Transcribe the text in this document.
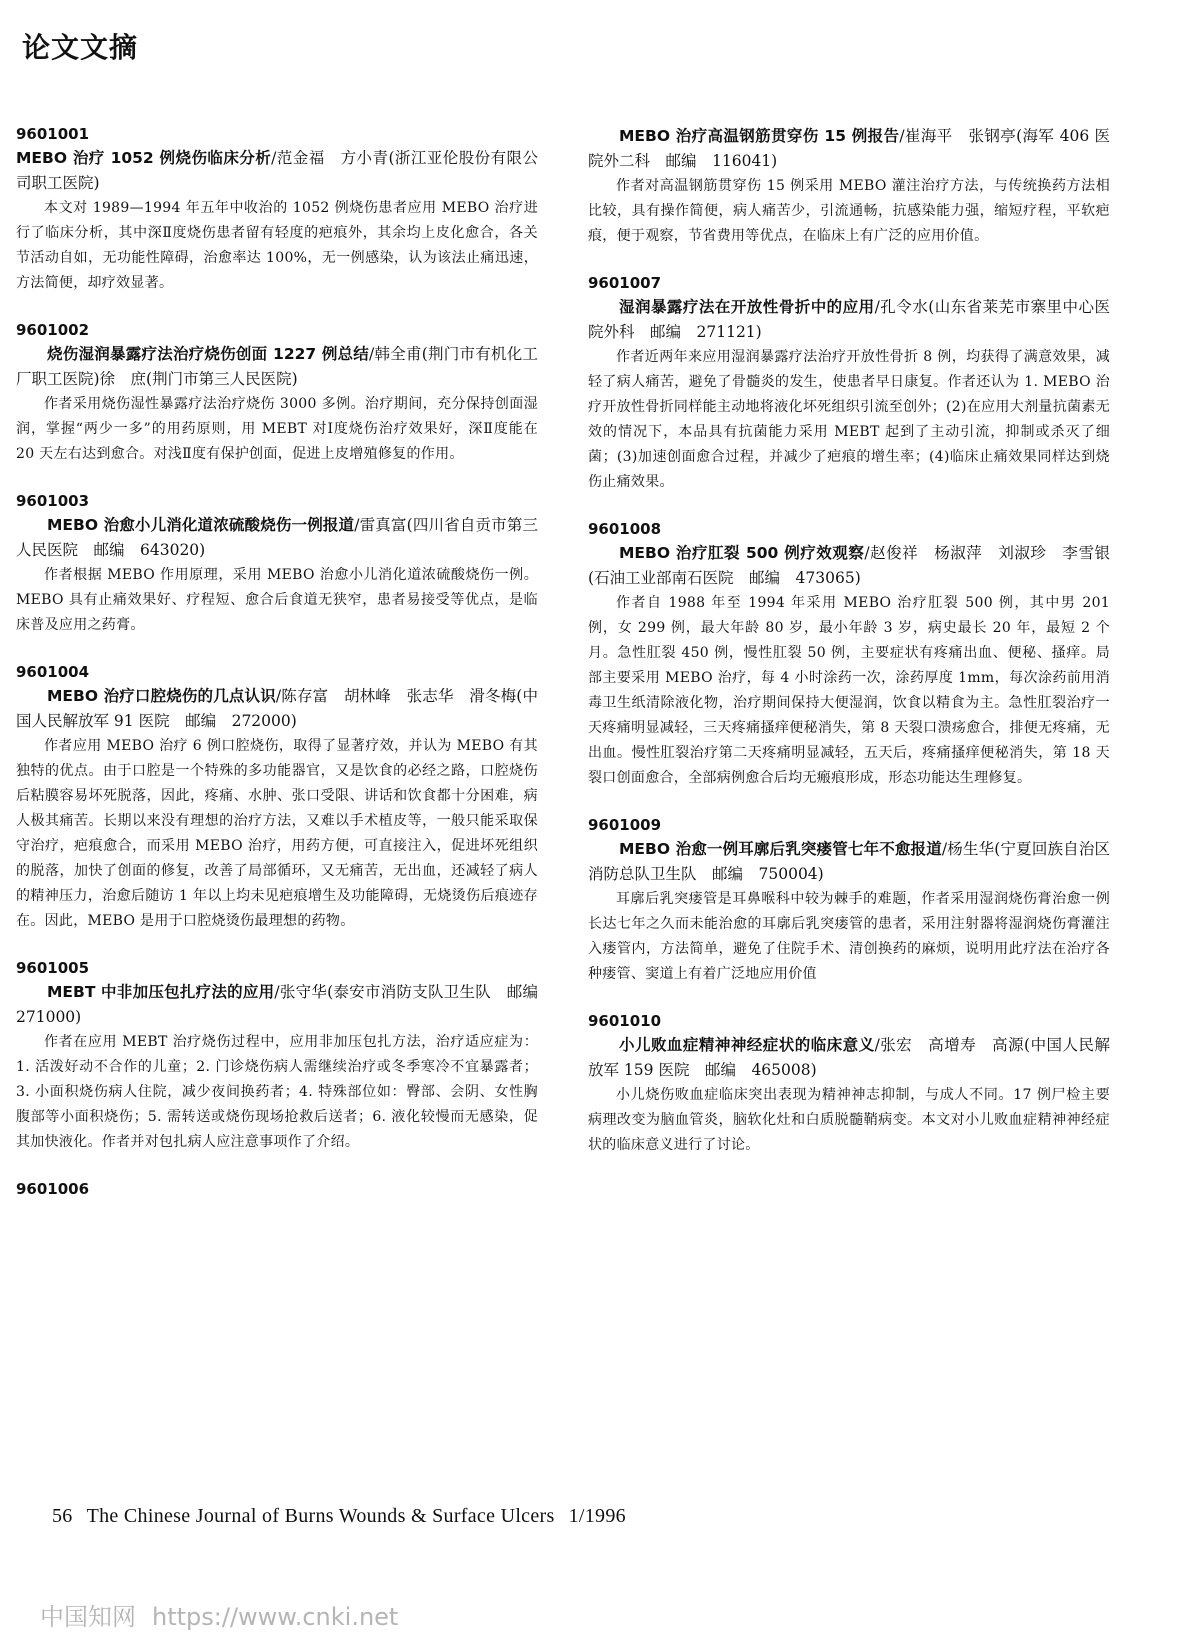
论文文摘

9601001

MEBO 治疗 1052 例烧伤临床分析/范金福　方小青(浙江亚伦股份有限公司职工医院)

本文对 1989—1994 年五年中收治的 1052 例烧伤患者应用 MEBO 治疗进行了临床分析，其中深Ⅱ度烧伤患者留有轻度的疤痕外，其余均上皮化愈合，各关节活动自如，无功能性障碍，治愈率达 100%，无一例感染，认为该法止痛迅速，方法简便，却疗效显著。

9601002

烧伤湿润暴露疗法治疗烧伤创面 1227 例总结/韩全甫(荆门市有机化工厂职工医院)徐　庶(荆门市第三人民医院)

作者采用烧伤湿性暴露疗法治疗烧伤 3000 多例。治疗期间，充分保持创面湿润，掌握“两少一多”的用药原则，用 MEBT 对Ⅰ度烧伤治疗效果好，深Ⅱ度能在 20 天左右达到愈合。对浅Ⅱ度有保护创面，促进上皮增殖修复的作用。

9601003

MEBO 治愈小儿消化道浓硫酸烧伤一例报道/雷真富(四川省自贡市第三人民医院　邮编　643020)

作者根据 MEBO 作用原理，采用 MEBO 治愈小儿消化道浓硫酸烧伤一例。MEBO 具有止痛效果好、疗程短、愈合后食道无狭窄，患者易接受等优点，是临床普及应用之药膏。

9601004

MEBO 治疗口腔烧伤的几点认识/陈存富　胡林峰　张志华　滑冬梅(中国人民解放军 91 医院　邮编　272000)

作者应用 MEBO 治疗 6 例口腔烧伤，取得了显著疗效，并认为 MEBO 有其独特的优点。由于口腔是一个特殊的多功能器官，又是饮食的必经之路，口腔烧伤后粘膜容易坏死脱落，因此，疼痛、水肿、张口受限、讲话和饮食都十分困难，病人极其痛苦。长期以来没有理想的治疗方法，又难以手术植皮等，一般只能采取保守治疗，疤痕愈合，而采用 MEBO 治疗，用药方便，可直接注入，促进坏死组织的脱落，加快了创面的修复，改善了局部循环，又无痛苦，无出血，还减轻了病人的精神压力，治愈后随访 1 年以上均未见疤痕增生及功能障碍，无烧烫伤后痕迹存在。因此，MEBO 是用于口腔烧烫伤最理想的药物。

9601005

MEBT 中非加压包扎疗法的应用/张守华(泰安市消防支队卫生队　邮编　271000)

作者在应用 MEBT 治疗烧伤过程中，应用非加压包扎方法，治疗适应症为：1. 活泼好动不合作的儿童；2. 门诊烧伤病人需继续治疗或冬季寒冷不宜暴露者；3. 小面积烧伤病人住院，减少夜间换药者；4. 特殊部位如：臀部、会阴、女性胸腹部等小面积烧伤；5. 需转送或烧伤现场抢救后送者；6. 液化较慢而无感染，促其加快液化。作者并对包扎病人应注意事项作了介绍。

9601006

MEBO 治疗高温钢筋贯穿伤 15 例报告/崔海平　张钢亭(海军 406 医院外二科　邮编　116041)

作者对高温钢筋贯穿伤 15 例采用 MEBO 灌注治疗方法，与传统换药方法相比较，具有操作简便，病人痛苦少，引流通畅，抗感染能力强，缩短疗程，平软疤痕，便于观察，节省费用等优点，在临床上有广泛的应用价值。

9601007

湿润暴露疗法在开放性骨折中的应用/孔令水(山东省莱芜市寨里中心医院外科　邮编　271121)

作者近两年来应用湿润暴露疗法治疗开放性骨折 8 例，均获得了满意效果，减轻了病人痛苦，避免了骨髓炎的发生，使患者早日康复。作者还认为 1. MEBO 治疗开放性骨折同样能主动地将液化坏死组织引流至创外；(2)在应用大剂量抗菌素无效的情况下，本品具有抗菌能力采用 MEBT 起到了主动引流，抑制或杀灭了细菌；(3)加速创面愈合过程，并减少了疤痕的增生率；(4)临床止痛效果同样达到烧伤止痛效果。

9601008

MEBO 治疗肛裂 500 例疗效观察/赵俊祥　杨淑萍　刘淑珍　李雪银(石油工业部南石医院　邮编　473065)

作者自 1988 年至 1994 年采用 MEBO 治疗肛裂 500 例，其中男 201 例，女 299 例，最大年龄 80 岁，最小年龄 3 岁，病史最长 20 年，最短 2 个月。急性肛裂 450 例，慢性肛裂 50 例，主要症状有疼痛出血、便秘、搔痒。局部主要采用 MEBO 治疗，每 4 小时涂药一次，涂药厚度 1mm，每次涂药前用消毒卫生纸清除液化物，治疗期间保持大便湿润，饮食以精食为主。急性肛裂治疗一天疼痛明显减轻，三天疼痛搔痒便秘消失，第 8 天裂口溃疡愈合，排便无疼痛，无出血。慢性肛裂治疗第二天疼痛明显减轻，五天后，疼痛搔痒便秘消失，第 18 天裂口创面愈合，全部病例愈合后均无瘢痕形成，形态功能达生理修复。

9601009

MEBO 治愈一例耳廓后乳突瘘管七年不愈报道/杨生华(宁夏回族自治区消防总队卫生队　邮编　750004)

耳廓后乳突瘘管是耳鼻喉科中较为棘手的难题，作者采用湿润烧伤膏治愈一例长达七年之久而未能治愈的耳廓后乳突瘘管的患者，采用注射器将湿润烧伤膏灌注入瘘管内，方法简单，避免了住院手术、清创换药的麻烦，说明用此疗法在治疗各种瘘管、窦道上有着广泛地应用价值

9601010

小儿败血症精神神经症状的临床意义/张宏　高增寿　高源(中国人民解放军 159 医院　邮编　465008)

小儿烧伤败血症临床突出表现为精神神志抑制，与成人不同。17 例尸检主要病理改变为脑血管炎，脑软化灶和白质脱髓鞘病变。本文对小儿败血症精神神经症状的临床意义进行了讨论。

56 The Chinese Journal of Burns Wounds & Surface Ulcers 1/1996

中国知网 https://www.cnki.net
